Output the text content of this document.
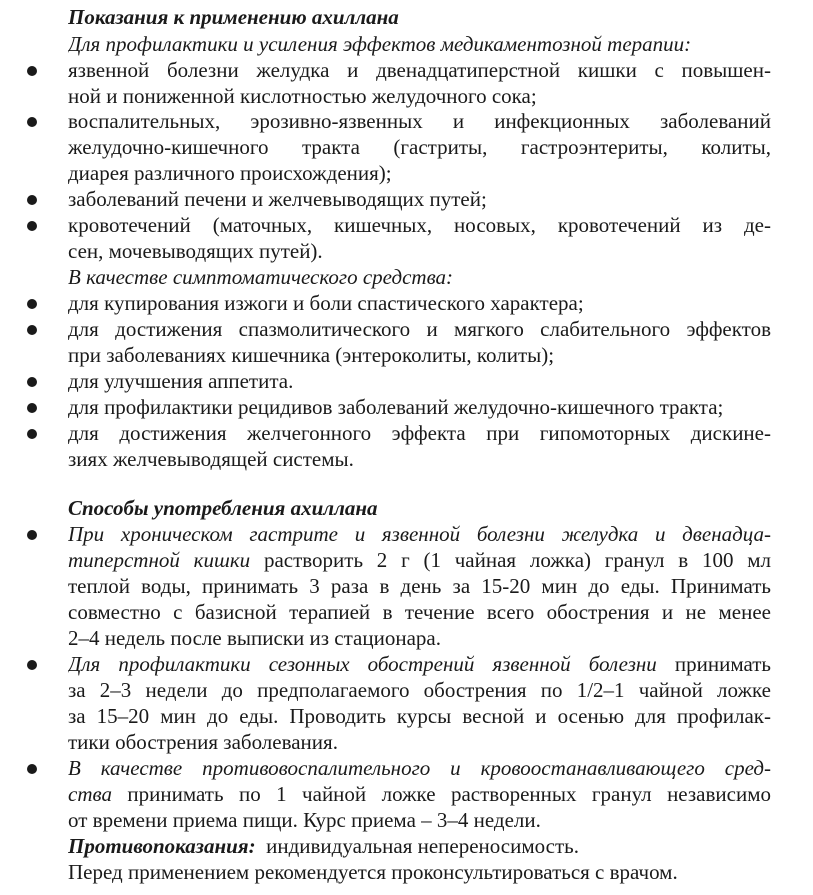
Показания к применению ахиллана
Для профилактики и усиления эффектов медикаментозной терапии:
язвенной болезни желудка и двенадцатиперстной кишки с повышен-
ной и пониженной кислотностью желудочного сока;
воспалительных, эрозивно-язвенных и инфекционных заболеваний
желудочно-кишечного тракта (гастриты, гастроэнтериты, колиты,
диарея различного происхождения);
заболеваний печени и желчевыводящих путей;
кровотечений (маточных, кишечных, носовых, кровотечений из де-
сен, мочевыводящих путей).
В качестве симптоматического средства:
для купирования изжоги и боли спастического характера;
для достижения спазмолитического и мягкого слабительного эффектов
при заболеваниях кишечника (энтероколиты, колиты);
для улучшения аппетита.
для профилактики рецидивов заболеваний желудочно-кишечного тракта;
для достижения желчегонного эффекта при гипомоторных дискине-
зиях желчевыводящей системы.
Способы употребления ахиллана
При хроническом гастрите и язвенной болезни желудка и двенадца-
типерстной кишки растворить 2 г (1 чайная ложка) гранул в 100 мл
теплой воды, принимать 3 раза в день за 15-20 мин до еды. Принимать
совместно с базисной терапией в течение всего обострения и не менее
2–4 недель после выписки из стационара.
Для профилактики сезонных обострений язвенной болезни принимать
за 2–3 недели до предполагаемого обострения по 1/2–1 чайной ложке
за 15–20 мин до еды. Проводить курсы весной и осенью для профилак-
тики обострения заболевания.
В качестве противовоспалительного и кровоостанавливающего сред-
ства принимать по 1 чайной ложке растворенных гранул независимо
от времени приема пищи. Курс приема – 3–4 недели.
Противопоказания:  индивидуальная непереносимость.
Перед применением рекомендуется проконсультироваться с врачом.
